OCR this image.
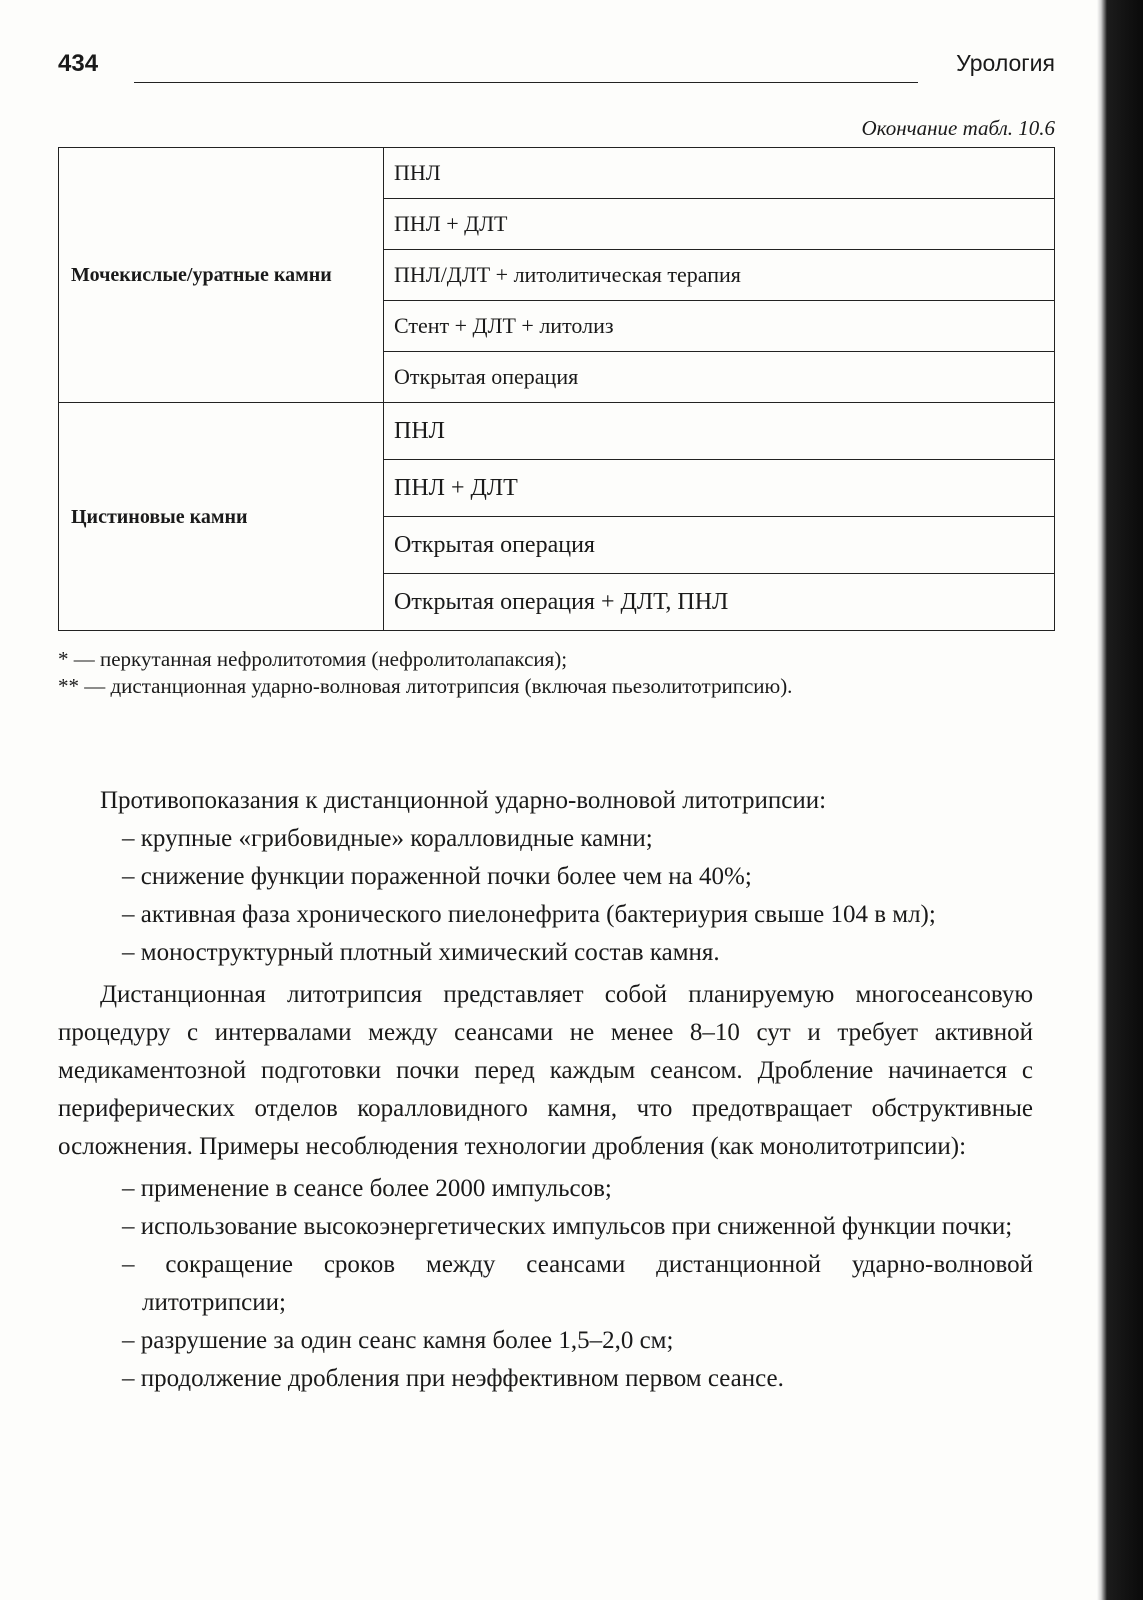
434	Урология
Окончание табл. 10.6
Мочекислые/уратные камни	ПНЛ
	ПНЛ + ДЛТ
	ПНЛ/ДЛТ + литолитическая терапия
	Стент + ДЛТ + литолиз
	Открытая операция
Цистиновые камни	ПНЛ
	ПНЛ + ДЛТ
	Открытая операция
	Открытая операция + ДЛТ, ПНЛ

* — перкутанная нефролитотомия (нефролитолапаксия);

** — дистанционная ударно-волновая литотрипсия (включая пьезолитотрипсию).

Противопоказания к дистанционной ударно-волновой литотрипсии:

– крупные «грибовидные» коралловидные камни;
– снижение функции пораженной почки более чем на 40%;
– активная фаза хронического пиелонефрита (бактериурия свыше 104 в мл);
– моноструктурный плотный химический состав камня.

Дистанционная литотрипсия представляет собой планируемую многосеансовую процедуру с интервалами между сеансами не менее 8–10 сут и требует активной медикаментозной подготовки почки перед каждым сеансом. Дробление начинается с периферических отделов коралловидного камня, что предотвращает обструктивные осложнения. Примеры несоблюдения технологии дробления (как монолитотрипсии):

– применение в сеансе более 2000 импульсов;
– использование высокоэнергетических импульсов при сниженной функции почки;
– сокращение сроков между сеансами дистанционной ударно-волновой литотрипсии;
– разрушение за один сеанс камня более 1,5–2,0 см;
– продолжение дробления при неэффективном первом сеансе.
